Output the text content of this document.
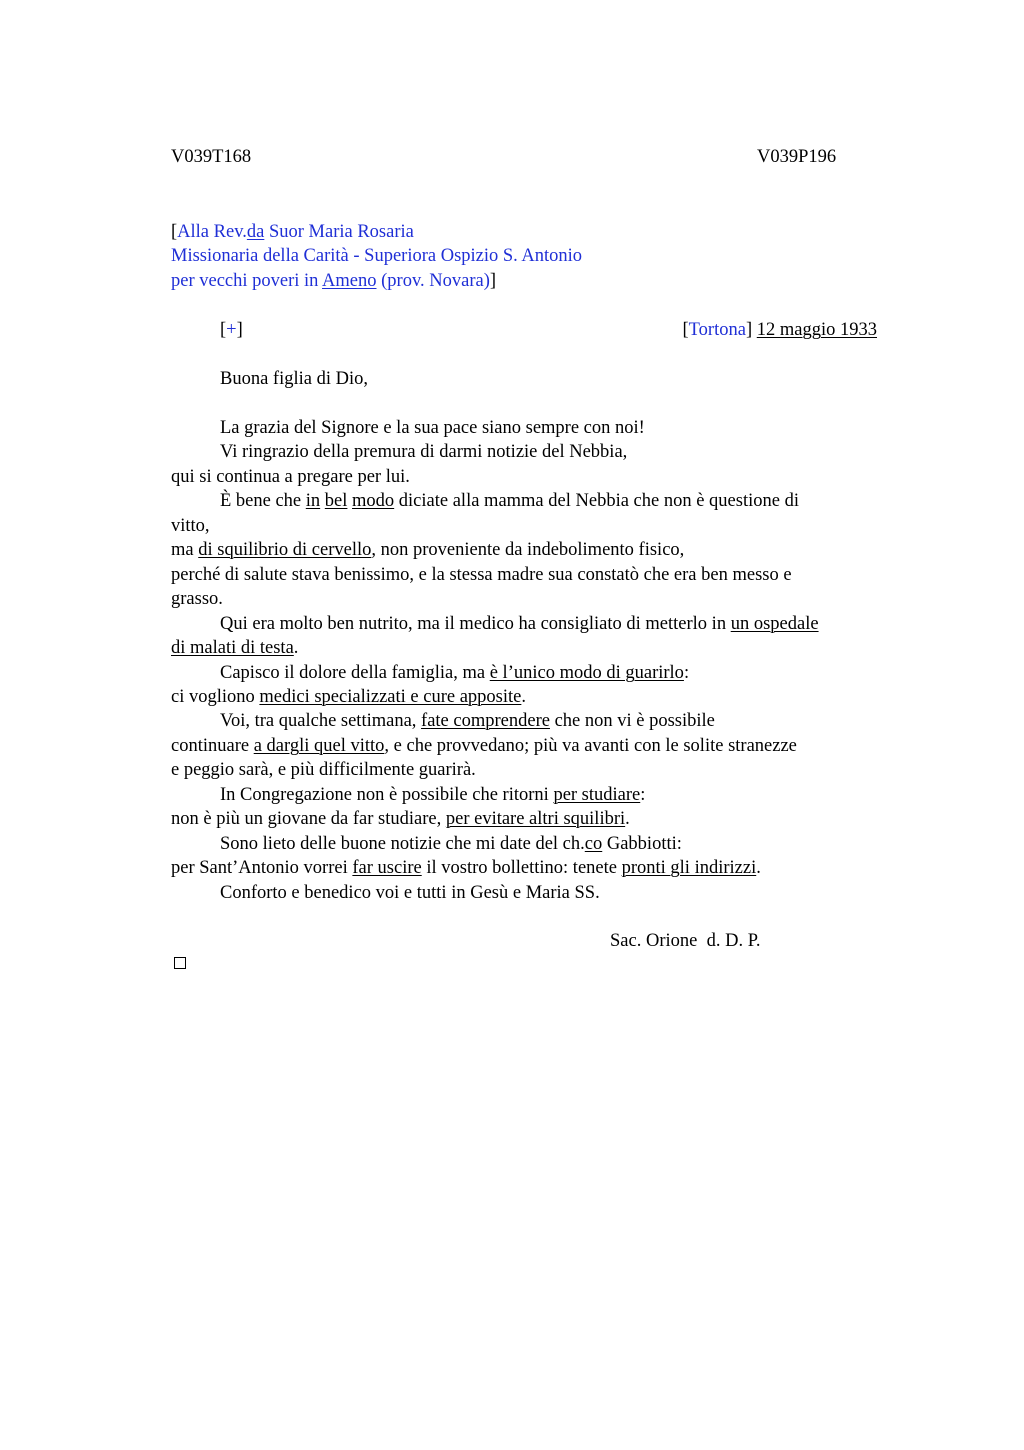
V039T168	V039P196
[Alla Rev.da Suor Maria Rosaria
Missionaria della Carità - Superiora Ospizio S. Antonio
per vecchi poveri in Ameno (prov. Novara)]
[+]	[Tortona] 12 maggio 1933
Buona figlia di Dio,
La grazia del Signore e la sua pace siano sempre con noi!
Vi ringrazio della premura di darmi notizie del Nebbia,
qui si continua a pregare per lui.
È bene che in bel modo diciate alla mamma del Nebbia che non è questione di
vitto,
ma di squilibrio di cervello, non proveniente da indebolimento fisico,
perché di salute stava benissimo, e la stessa madre sua constatò che era ben messo e
grasso.
Qui era molto ben nutrito, ma il medico ha consigliato di metterlo in un ospedale
di malati di testa.
Capisco il dolore della famiglia, ma è l’unico modo di guarirlo:
ci vogliono medici specializzati e cure apposite.
Voi, tra qualche settimana, fate comprendere che non vi è possibile
continuare a dargli quel vitto, e che provvedano; più va avanti con le solite stranezze
e peggio sarà, e più difficilmente guarirà.
In Congregazione non è possibile che ritorni per studiare:
non è più un giovane da far studiare, per evitare altri squilibri.
Sono lieto delle buone notizie che mi date del ch.co Gabbiotti:
per Sant’Antonio vorrei far uscire il vostro bollettino: tenete pronti gli indirizzi.
Conforto e benedico voi e tutti in Gesù e Maria SS.
Sac. Orione  d. D. P.
